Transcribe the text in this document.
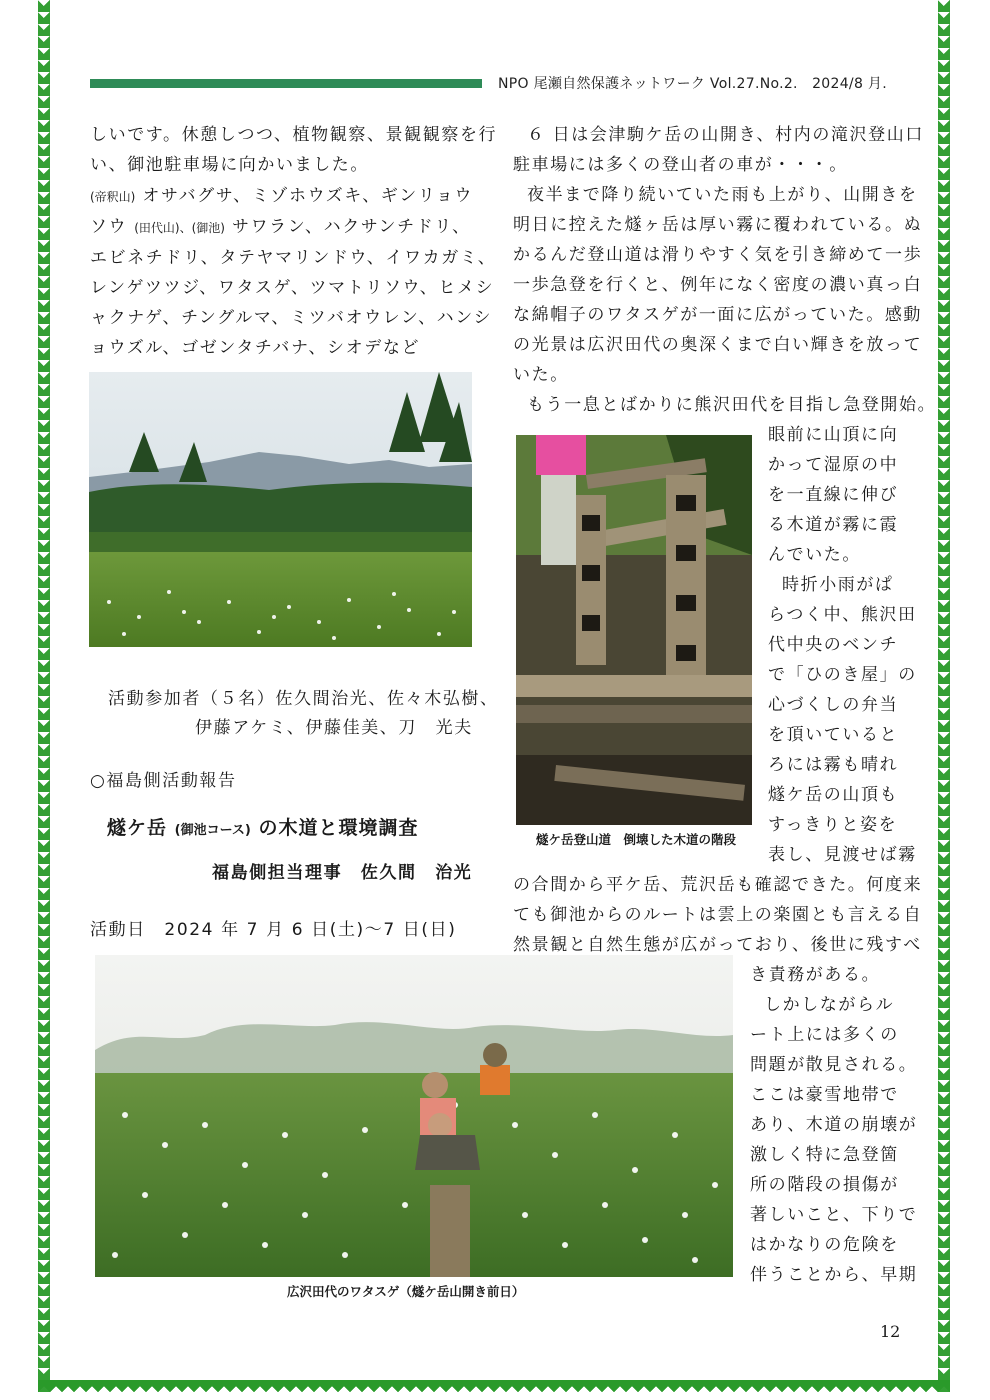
NPO 尾瀬自然保護ネットワーク Vol.27.No.2.　2024/8 月.
しいです。休憩しつつ、植物観察、景観観察を行
い、御池駐車場に向かいました。
(帝釈山) オサバグサ、ミゾホウズキ、ギンリョウ
ソウ (田代山)、(御池) サワラン、ハクサンチドリ、
エビネチドリ、タテヤマリンドウ、イワカガミ、
レンゲツツジ、ワタスゲ、ツマトリソウ、ヒメシ
ャクナゲ、チングルマ、ミツバオウレン、ハンシ
ョウズル、ゴゼンタチバナ、シオデなど
活動参加者（５名）佐久間治光、佐々木弘樹、
伊藤アケミ、伊藤佳美、刀　光夫
○福島側活動報告
燧ケ岳 (御池コース) の木道と環境調査
福島側担当理事　佐久間　治光
活動日　2024 年 7 月 6 日(土)〜7 日(日)
６ 日は会津駒ケ岳の山開き、村内の滝沢登山口
駐車場には多くの登山者の車が・・・。
夜半まで降り続いていた雨も上がり、山開きを
明日に控えた燧ヶ岳は厚い霧に覆われている。ぬ
かるんだ登山道は滑りやすく気を引き締めて一歩
一歩急登を行くと、例年になく密度の濃い真っ白
な綿帽子のワタスゲが一面に広がっていた。感動
の光景は広沢田代の奥深くまで白い輝きを放って
いた。
もう一息とばかりに熊沢田代を目指し急登開始。
燧ケ岳登山道　倒壊した木道の階段
眼前に山頂に向
かって湿原の中
を一直線に伸び
る木道が霧に霞
んでいた。
時折小雨がぱ
らつく中、熊沢田
代中央のベンチ
で「ひのき屋」の
心づくしの弁当
を頂いていると
ろには霧も晴れ
燧ケ岳の山頂も
すっきりと姿を
表し、見渡せば霧
の合間から平ケ岳、荒沢岳も確認できた。何度来
ても御池からのルートは雲上の楽園とも言える自
然景観と自然生態が広がっており、後世に残すべ
き責務がある。
しかしながらル
ート上には多くの
問題が散見される。
ここは豪雪地帯で
あり、木道の崩壊が
激しく特に急登箇
所の階段の損傷が
著しいこと、下りで
はかなりの危険を
伴うことから、早期
広沢田代のワタスゲ（燧ケ岳山開き前日）
12
